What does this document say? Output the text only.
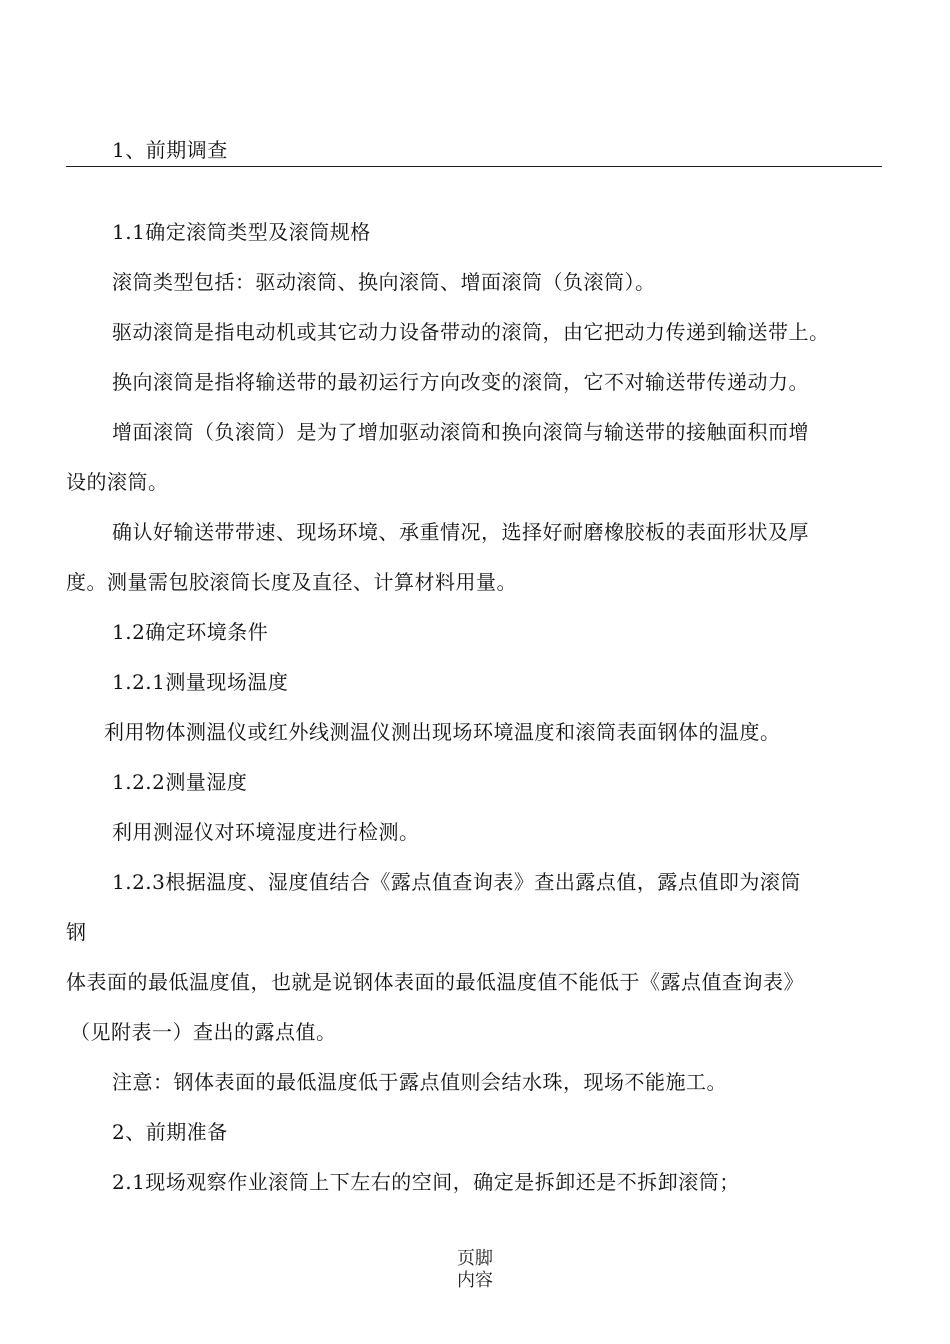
1、前期调查
1.1确定滚筒类型及滚筒规格
滚筒类型包括：驱动滚筒、换向滚筒、增面滚筒（负滚筒）。
驱动滚筒是指电动机或其它动力设备带动的滚筒，由它把动力传递到输送带上。
换向滚筒是指将输送带的最初运行方向改变的滚筒，它不对输送带传递动力。
增面滚筒（负滚筒）是为了增加驱动滚筒和换向滚筒与输送带的接触面积而增
设的滚筒。
确认好输送带带速、现场环境、承重情况，选择好耐磨橡胶板的表面形状及厚
度。测量需包胶滚筒长度及直径、计算材料用量。
1.2确定环境条件
1.2.1测量现场温度
利用物体测温仪或红外线测温仪测出现场环境温度和滚筒表面钢体的温度。
1.2.2测量湿度
利用测湿仪对环境湿度进行检测。
1.2.3根据温度、湿度值结合《露点值查询表》查出露点值，露点值即为滚筒
钢
体表面的最低温度值，也就是说钢体表面的最低温度值不能低于《露点值查询表》
（见附表一）查出的露点值。
注意：钢体表面的最低温度低于露点值则会结水珠，现场不能施工。
2、前期准备
2.1现场观察作业滚筒上下左右的空间，确定是拆卸还是不拆卸滚筒；
页脚
内容
